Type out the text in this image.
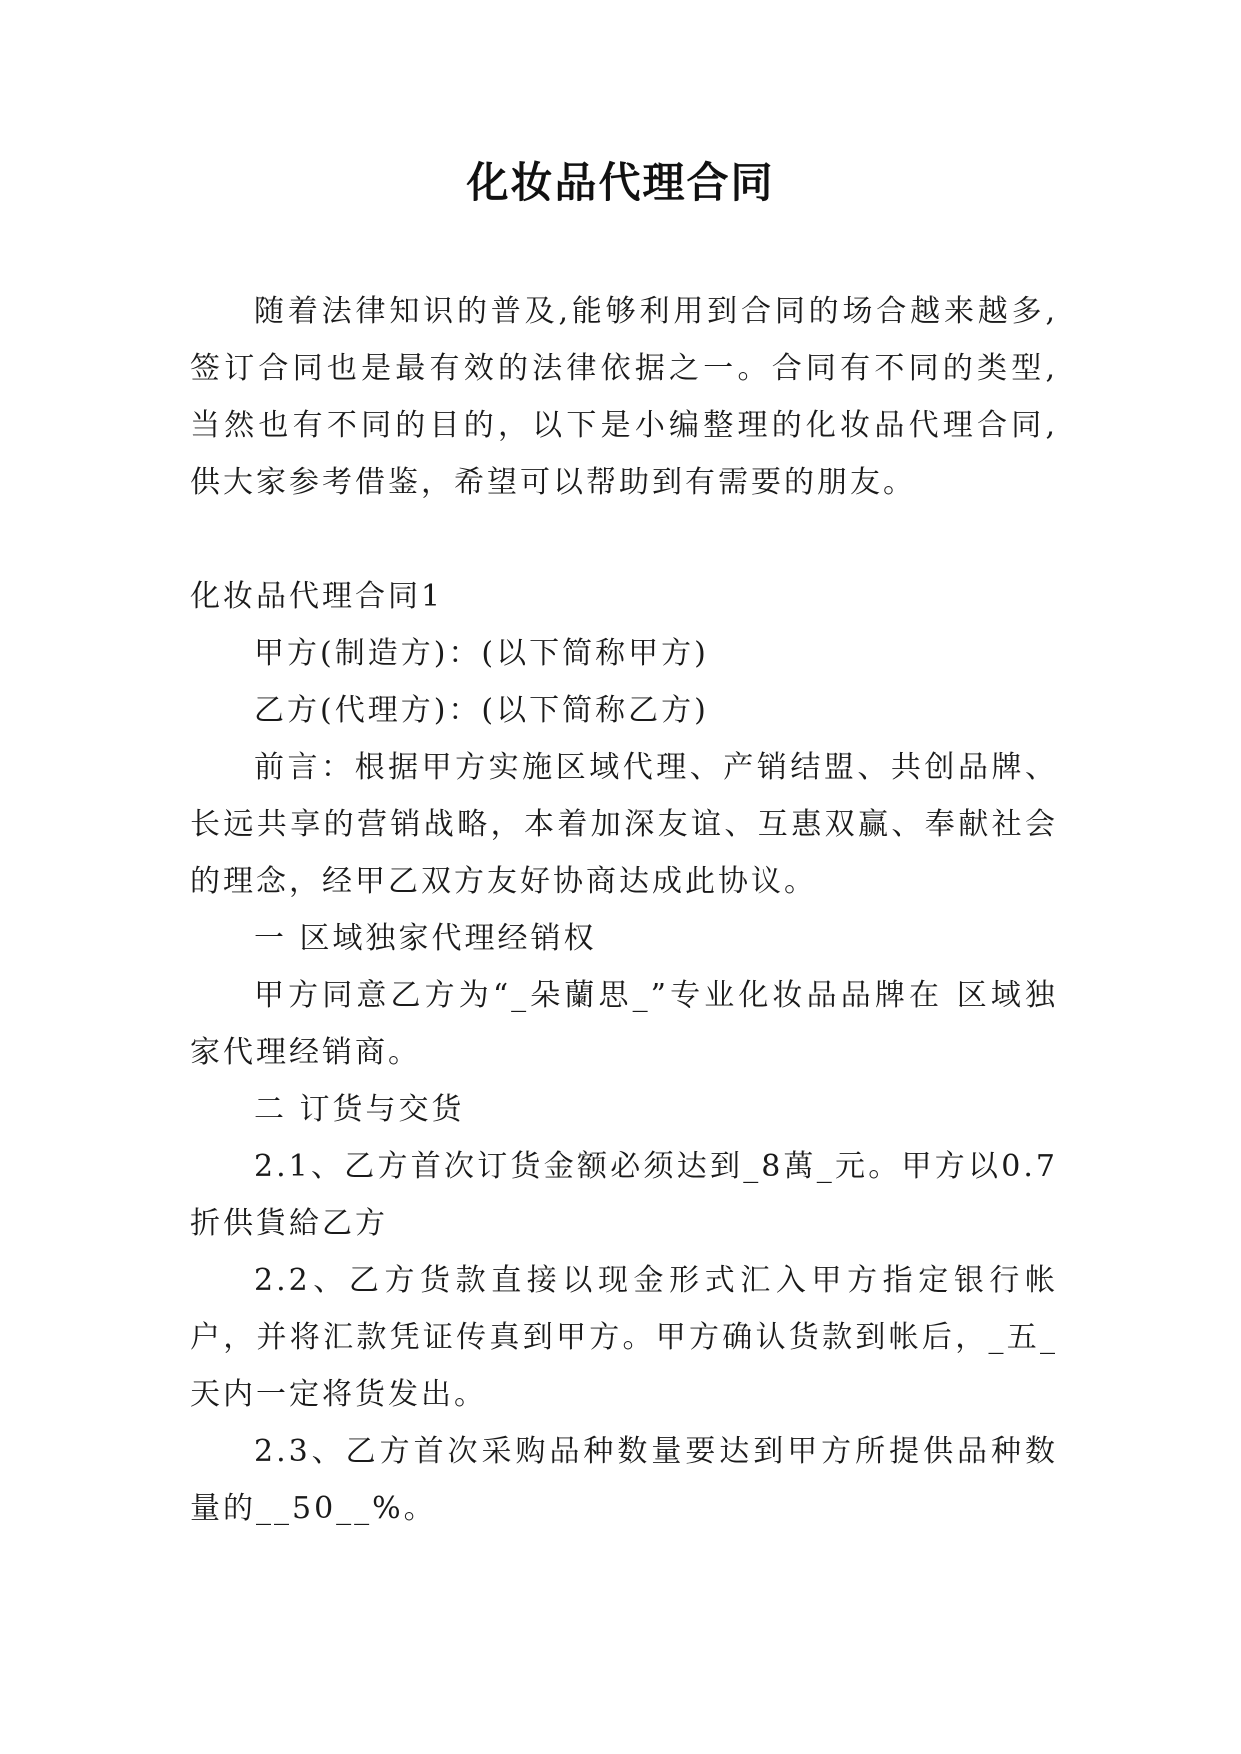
化妆品代理合同

随着法律知识的普及,能够利用到合同的场合越来越多,签订合同也是最有效的法律依据之一。合同有不同的类型,当然也有不同的目的，以下是小编整理的化妆品代理合同,供大家参考借鉴，希望可以帮助到有需要的朋友。

化妆品代理合同1

甲方(制造方)：(以下简称甲方)

乙方(代理方)：(以下简称乙方)

前言：根据甲方实施区域代理、产销结盟、共创品牌、长远共享的营销战略，本着加深友谊、互惠双赢、奉献社会的理念，经甲乙双方友好协商达成此协议。

一 区域独家代理经销权

甲方同意乙方为“_朵蘭思_”专业化妆品品牌在 区域独家代理经销商。

二 订货与交货

2.1、乙方首次订货金额必须达到_8萬_元。甲方以0.7折供貨給乙方

2.2、乙方货款直接以现金形式汇入甲方指定银行帐户，并将汇款凭证传真到甲方。甲方确认货款到帐后，_五_天内一定将货发出。

2.3、乙方首次采购品种数量要达到甲方所提供品种数量的__50__%。
